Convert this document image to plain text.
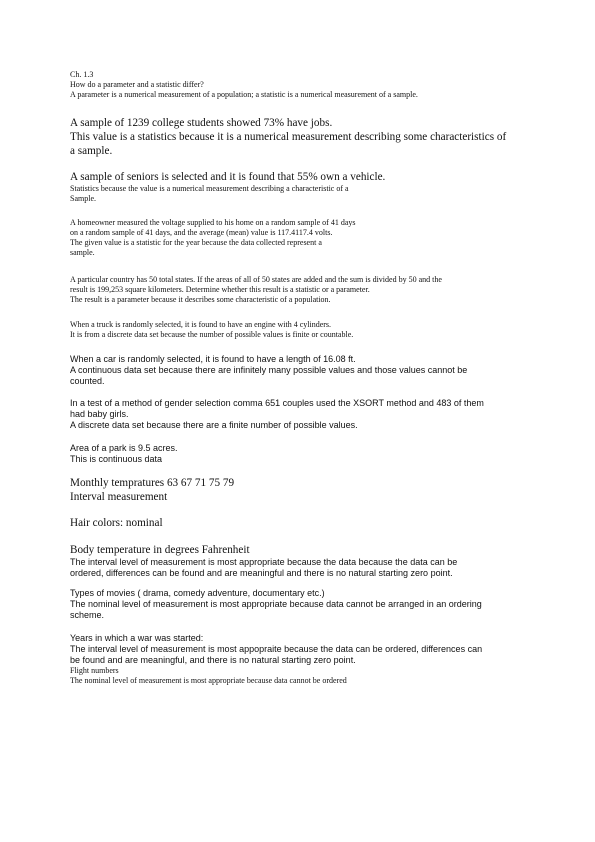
Ch. 1.3
How do a parameter and a statistic differ?
A parameter is a numerical measurement of a population; a statistic is a numerical measurement of a sample.
A sample of 1239 college students showed 73% have jobs.
This value is a statistics because it is a numerical measurement describing some characteristics of
a sample.
A sample of seniors is selected and it is found that 55% own a vehicle.
Statistics because the value is a numerical measurement describing a characteristic of a
Sample.
A homeowner measured the voltage supplied to his home on a random sample of 41 days
on a random sample of 41 days, and the average (mean) value is 117.4117.4 volts.
The given value is a statistic for the year because the data collected represent a
sample.
A particular country has 50 total states. If the areas of all of 50 states are added and the sum is divided by 50 and the
result is 199,253 square kilometers. Determine whether this result is a statistic or a parameter.
The result is a parameter because it describes some characteristic of a population.
When a truck is randomly selected, it is found to have an engine with 4 cylinders.
It is from a discrete data set because the number of possible values is finite or countable.
When a car is randomly selected, it is found to have a length of 16.08 ft.
A continuous data set because there are infinitely many possible values and those values cannot be
counted.
In a test of a method of gender selection comma 651 couples used the XSORT method and 483 of them
had baby girls.
A discrete data set because there are a finite number of possible values.
Area of a park is 9.5 acres.
This is continuous data
Monthly tempratures 63 67 71 75 79
Interval measurement
Hair colors: nominal
Body temperature in degrees Fahrenheit
The interval level of measurement is most appropriate because the data because the data can be
ordered, differences can be found and are meaningful and there is no natural starting zero point.
Types of movies ( drama, comedy adventure, documentary etc.)
The nominal level of measurement is most appropriate because data cannot be arranged in an ordering
scheme.
Years in which a war was started:
The interval level of measurement is most appopraite because the data can be ordered, differences can
be found and are meaningful, and there is no natural starting zero point.
Flight numbers
The nominal level of measurement is most appropriate because data cannot be ordered
